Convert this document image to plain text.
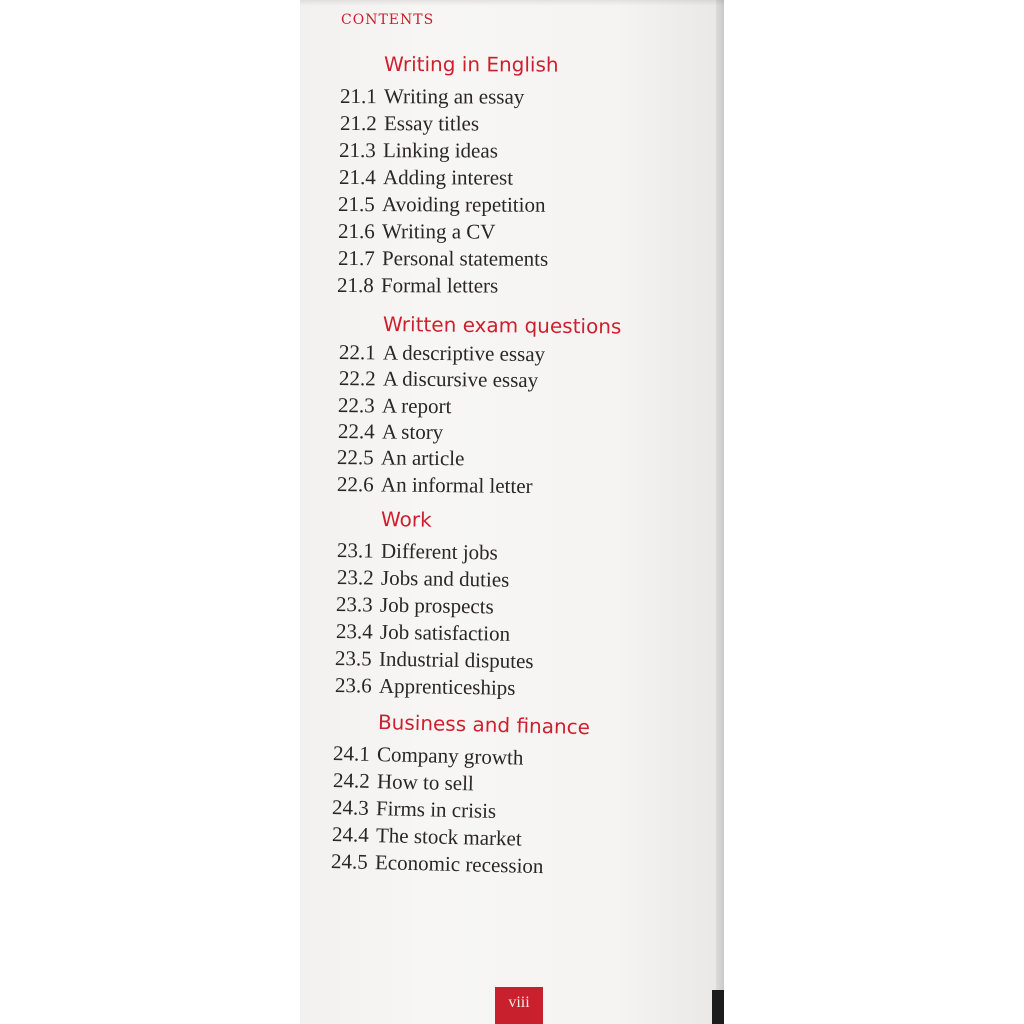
CONTENTS
Writing in English
21.1 Writing an essay
21.2 Essay titles
21.3 Linking ideas
21.4 Adding interest
21.5 Avoiding repetition
21.6 Writing a CV
21.7 Personal statements
21.8 Formal letters
Written exam questions
22.1 A descriptive essay
22.2 A discursive essay
22.3 A report
22.4 A story
22.5 An article
22.6 An informal letter
Work
23.1 Different jobs
23.2 Jobs and duties
23.3 Job prospects
23.4 Job satisfaction
23.5 Industrial disputes
23.6 Apprenticeships
Business and finance
24.1 Company growth
24.2 How to sell
24.3 Firms in crisis
24.4 The stock market
24.5 Economic recession
viii
